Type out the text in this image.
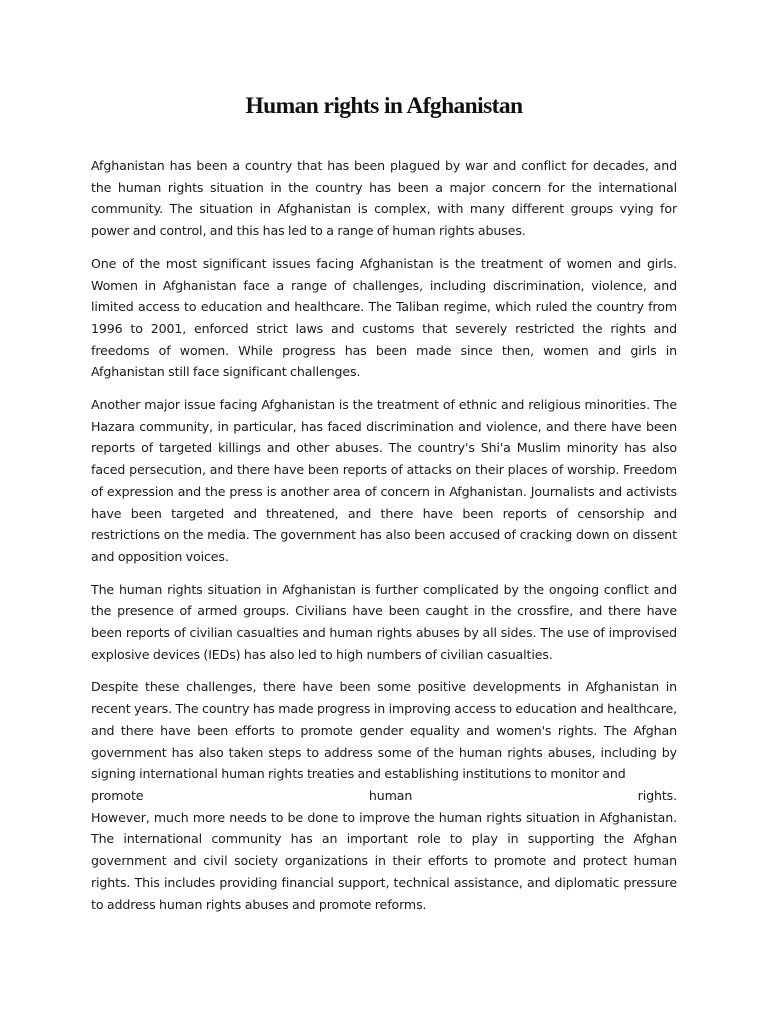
Human rights in Afghanistan

Afghanistan has been a country that has been plagued by war and conflict for decades, and the human rights situation in the country has been a major concern for the international community. The situation in Afghanistan is complex, with many different groups vying for power and control, and this has led to a range of human rights abuses.

One of the most significant issues facing Afghanistan is the treatment of women and girls. Women in Afghanistan face a range of challenges, including discrimination, violence, and limited access to education and healthcare. The Taliban regime, which ruled the country from 1996 to 2001, enforced strict laws and customs that severely restricted the rights and freedoms of women. While progress has been made since then, women and girls in Afghanistan still face significant challenges.

Another major issue facing Afghanistan is the treatment of ethnic and religious minorities. The Hazara community, in particular, has faced discrimination and violence, and there have been reports of targeted killings and other abuses. The country's Shi'a Muslim minority has also faced persecution, and there have been reports of attacks on their places of worship. Freedom of expression and the press is another area of concern in Afghanistan. Journalists and activists have been targeted and threatened, and there have been reports of censorship and restrictions on the media. The government has also been accused of cracking down on dissent and opposition voices.

The human rights situation in Afghanistan is further complicated by the ongoing conflict and the presence of armed groups. Civilians have been caught in the crossfire, and there have been reports of civilian casualties and human rights abuses by all sides. The use of improvised explosive devices (IEDs) has also led to high numbers of civilian casualties.

Despite these challenges, there have been some positive developments in Afghanistan in recent years. The country has made progress in improving access to education and healthcare, and there have been efforts to promote gender equality and women's rights. The Afghan government has also taken steps to address some of the human rights abuses, including by signing international human rights treaties and establishing institutions to monitor and
promote human rights.
However, much more needs to be done to improve the human rights situation in Afghanistan. The international community has an important role to play in supporting the Afghan government and civil society organizations in their efforts to promote and protect human rights. This includes providing financial support, technical assistance, and diplomatic pressure to address human rights abuses and promote reforms.
